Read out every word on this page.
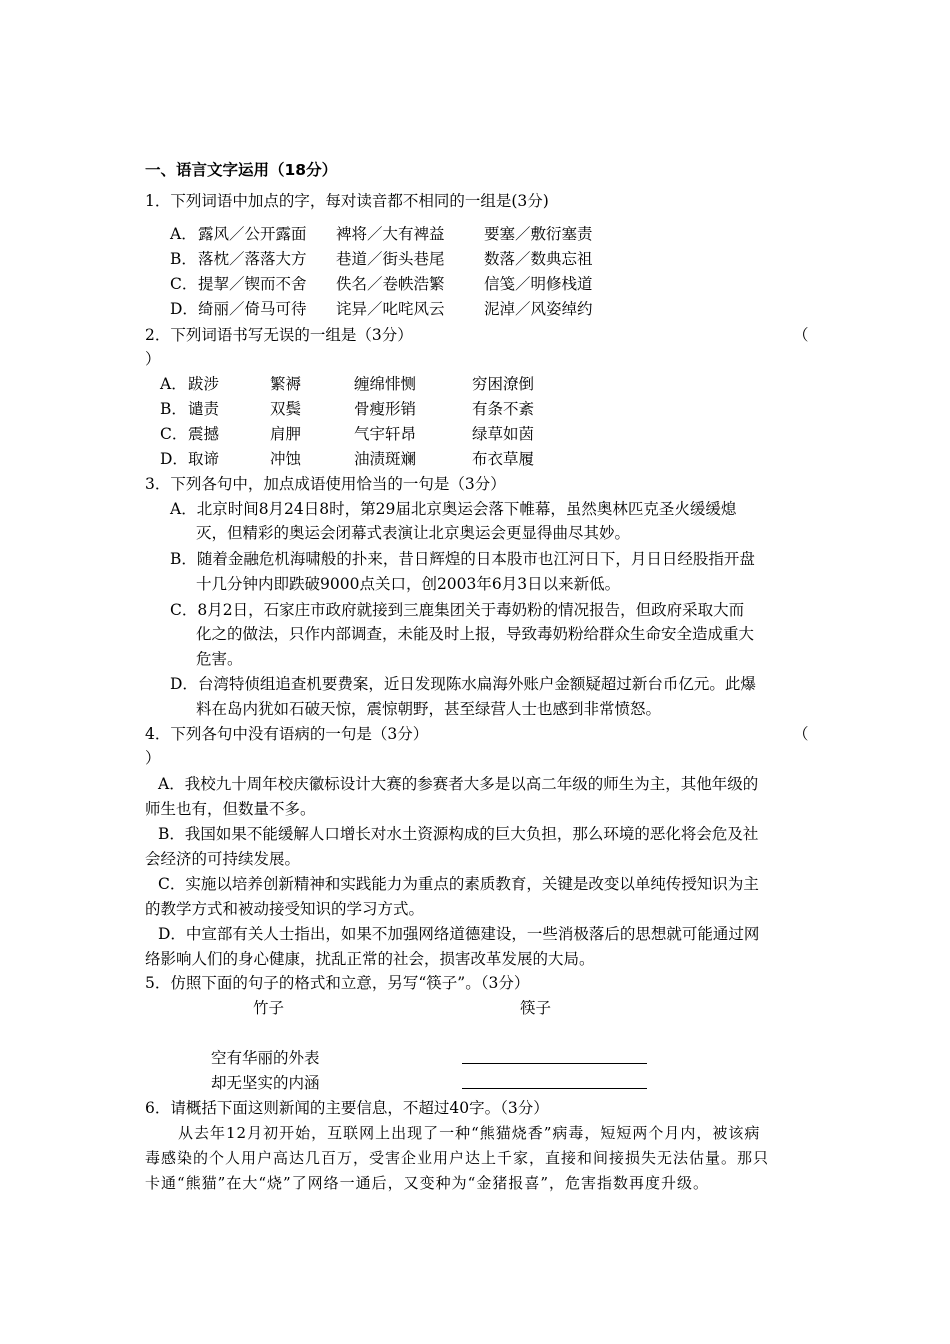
一、语言文字运用（18分）
1．下列词语中加点的字，每对读音都不相同的一组是(3分)
A． 露风／公开露面 裨将／大有裨益	要塞／敷衍塞责
B． 落枕／落落大方 巷道／街头巷尾	数落／数典忘祖
C． 提挈／锲而不舍 佚名／卷帙浩繁	信笺／明修栈道
D． 绮丽／倚马可待 诧异／叱咤风云	泥淖／风姿绰约
2．下列词语书写无误的一组是（3分）	（
）
A． 跋涉	繁褥	缠绵悱恻	穷困潦倒
B． 谴责	双鬓	骨瘦形销	有条不紊
C． 震撼	肩胛	气宇轩昂	绿草如茵
D． 取谛	冲蚀	油渍斑斓	布衣草履
3．下列各句中，加点成语使用恰当的一句是（3分）
A．北京时间8月24日8时，第29届北京奥运会落下帷幕，虽然奥林匹克圣火缓缓熄
灭，但精彩的奥运会闭幕式表演让北京奥运会更显得曲尽其妙。
B．随着金融危机海啸般的扑来，昔日辉煌的日本股市也江河日下，月日日经股指开盘
十几分钟内即跌破9000点关口，创2003年6月3日以来新低。
C．8月2日，石家庄市政府就接到三鹿集团关于毒奶粉的情况报告，但政府采取大而
化之的做法，只作内部调查，未能及时上报，导致毒奶粉给群众生命安全造成重大
危害。
D．台湾特侦组追查机要费案，近日发现陈水扁海外账户金额疑超过新台币亿元。此爆
料在岛内犹如石破天惊，震惊朝野，甚至绿营人士也感到非常愤怒。
4．下列各句中没有语病的一句是（3分）	（
）
A．我校九十周年校庆徽标设计大赛的参赛者大多是以高二年级的师生为主，其他年级的
师生也有，但数量不多。
B．我国如果不能缓解人口增长对水土资源构成的巨大负担，那么环境的恶化将会危及社
会经济的可持续发展。
C．实施以培养创新精神和实践能力为重点的素质教育，关键是改变以单纯传授知识为主
的教学方式和被动接受知识的学习方式。
D．中宣部有关人士指出，如果不加强网络道德建设，一些消极落后的思想就可能通过网
络影响人们的身心健康，扰乱正常的社会，损害改革发展的大局。
5．仿照下面的句子的格式和立意，另写“筷子”。（3分）
竹子	筷子
空有华丽的外表
却无坚实的内涵
6．请概括下面这则新闻的主要信息，不超过40字。（3分）
从去年12月初开始，互联网上出现了一种“熊猫烧香”病毒，短短两个月内，被该病
毒感染的个人用户高达几百万，受害企业用户达上千家，直接和间接损失无法估量。那只
卡通“熊猫”在大“烧”了网络一通后，又变种为“金猪报喜”，危害指数再度升级。
